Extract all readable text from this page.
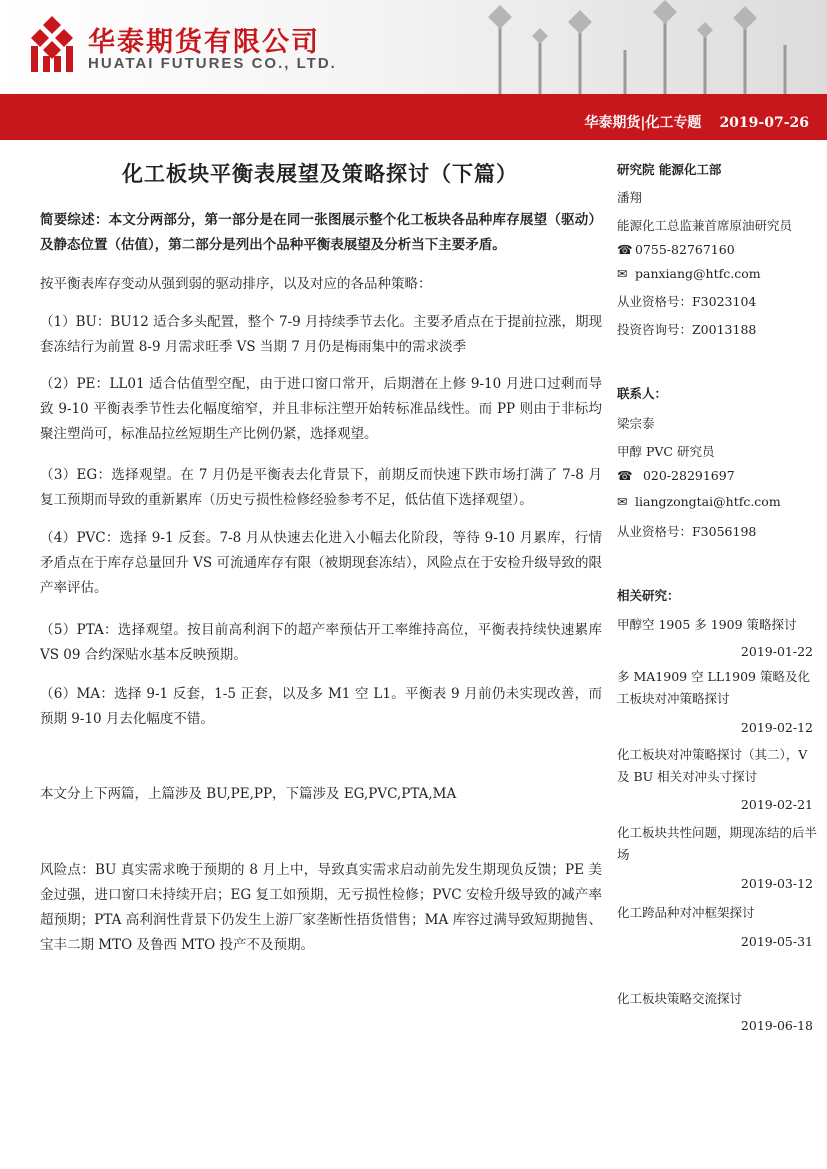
华泰期货有限公司
HUATAI FUTURES CO., LTD.
华泰期货|化工专题 2019-07-26
化工板块平衡表展望及策略探讨（下篇）

简要综述：本文分两部分，第一部分是在同一张图展示整个化工板块各品种库存展望（驱动）及静态位置（估值），第二部分是列出个品种平衡表展望及分析当下主要矛盾。

按平衡表库存变动从强到弱的驱动排序，以及对应的各品种策略：

（1）BU：BU12 适合多头配置，整个 7-9 月持续季节去化。主要矛盾点在于提前拉涨，期现套冻结行为前置 8-9 月需求旺季 VS 当期 7 月仍是梅雨集中的需求淡季

（2）PE：LL01 适合估值型空配，由于进口窗口常开，后期潜在上修 9-10 月进口过剩而导致 9-10 平衡表季节性去化幅度缩窄，并且非标注塑开始转标准品线性。而 PP 则由于非标均聚注塑尚可，标准品拉丝短期生产比例仍紧，选择观望。

（3）EG：选择观望。在 7 月仍是平衡表去化背景下，前期反而快速下跌市场打满了 7-8 月复工预期而导致的重新累库（历史亏损性检修经验参考不足，低估值下选择观望）。

（4）PVC：选择 9-1 反套。7-8 月从快速去化进入小幅去化阶段，等待 9-10 月累库，行情矛盾点在于库存总量回升 VS 可流通库存有限（被期现套冻结），风险点在于安检升级导致的限产率评估。

（5）PTA：选择观望。按目前高利润下的超产率预估开工率维持高位，平衡表持续快速累库 VS 09 合约深贴水基本反映预期。

（6）MA：选择 9-1 反套，1-5 正套，以及多 M1 空 L1。平衡表 9 月前仍未实现改善，而预期 9-10 月去化幅度不错。

本文分上下两篇，上篇涉及 BU,PE,PP，下篇涉及 EG,PVC,PTA,MA

风险点：BU 真实需求晚于预期的 8 月上中，导致真实需求启动前先发生期现负反馈；PE 美金过强，进口窗口未持续开启；EG 复工如预期，无亏损性检修；PVC 安检升级导致的减产率超预期；PTA 高利润性背景下仍发生上游厂家垄断性捂货惜售；MA 库容过满导致短期抛售、宝丰二期 MTO 及鲁西 MTO 投产不及预期。

研究院 能源化工部
潘翔
能源化工总监兼首席原油研究员
☎ 0755-82767160
✉ panxiang@htfc.com
从业资格号：F3023104
投资咨询号：Z0013188
联系人：
梁宗泰
甲醇 PVC 研究员
☎ 020-28291697
✉ liangzongtai@htfc.com
从业资格号：F3056198
相关研究：
甲醇空 1905 多 1909 策略探讨
2019-01-22
多 MA1909 空 LL1909 策略及化工板块对冲策略探讨
2019-02-12
化工板块对冲策略探讨（其二），V 及 BU 相关对冲头寸探讨
2019-02-21
化工板块共性问题，期现冻结的后半场
2019-03-12
化工跨品种对冲框架探讨
2019-05-31
化工板块策略交流探讨
2019-06-18
